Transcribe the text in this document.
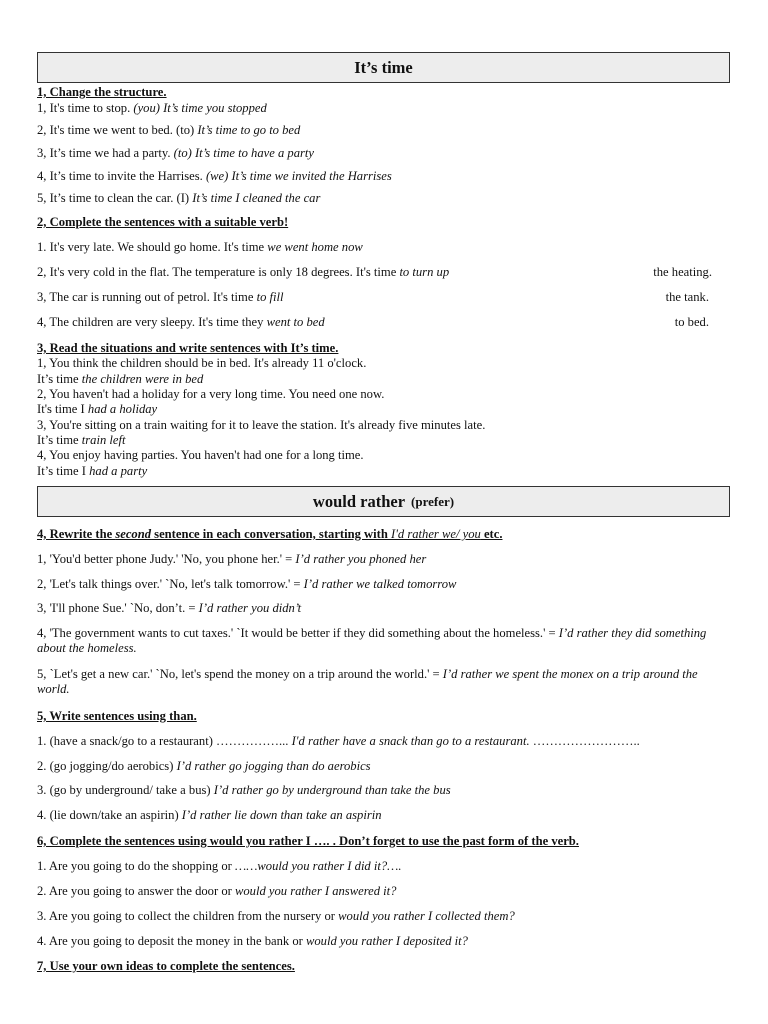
It’s time
1, Change the structure.
1, It's time to stop. (you) It’s time you stopped
2, It's time we went to bed. (to) It’s time to go to bed
3, It’s time we had a party. (to) It’s time to have a party
4, It’s time to invite the Harrises. (we) It’s time we invited the Harrises
5, It’s time to clean the car. (I) It’s time I cleaned the car
2, Complete the sentences with a suitable verb!
1. It's very late. We should go home. It's time we went home now
2, It's very cold in the flat. The temperature is only 18 degrees. It's time to turn up	the heating.
3, The car is running out of petrol. It's time to fill	the tank.
4, The children are very sleepy. It's time they went to bed	to bed.
3, Read the situations and write sentences with It’s time.
1, You think the children should be in bed. It's already 11 o'clock.
It’s time the children were in bed
2, You haven't had a holiday for a very long time. You need one now.
It's time I had a holiday
3, You're sitting on a train waiting for it to leave the station. It's already five minutes late.
It’s time train left
4, You enjoy having parties. You haven't had one for a long time.
It’s time I had a party
would rather (prefer)
4, Rewrite the second sentence in each conversation, starting with I'd rather we/ you etc.
1, 'You'd better phone Judy.' 'No, you phone her.' = I’d rather you phoned her
2, 'Let's talk things over.' `No, let's talk tomorrow.' = I’d rather we talked tomorrow
3, 'I'll phone Sue.' `No, don’t. = I’d rather you didn’t
4, 'The government wants to cut taxes.' `It would be better if they did something about the homeless.' = I’d rather they did something about the homeless.
5, `Let's get a new car.' `No, let's spend the money on a trip around the world.' = I’d rather we spent the monex on a trip around the world.
5, Write sentences using than.
1. (have a snack/go to a restaurant) ……………... I'd rather have a snack than go to a restaurant. ……………………..
2. (go jogging/do aerobics) I’d rather go jogging than do aerobics
3. (go by underground/ take a bus) I’d rather go by underground than take the bus
4. (lie down/take an aspirin) I’d rather lie down than take an aspirin
6, Complete the sentences using would you rather I …. . Don’t forget to use the past form of the verb.
1. Are you going to do the shopping or ……would you rather I did it?….
2. Are you going to answer the door or would you rather I answered it?
3. Are you going to collect the children from the nursery or would you rather I collected them?
4. Are you going to deposit the money in the bank or would you rather I deposited it?
7, Use your own ideas to complete the sentences.
